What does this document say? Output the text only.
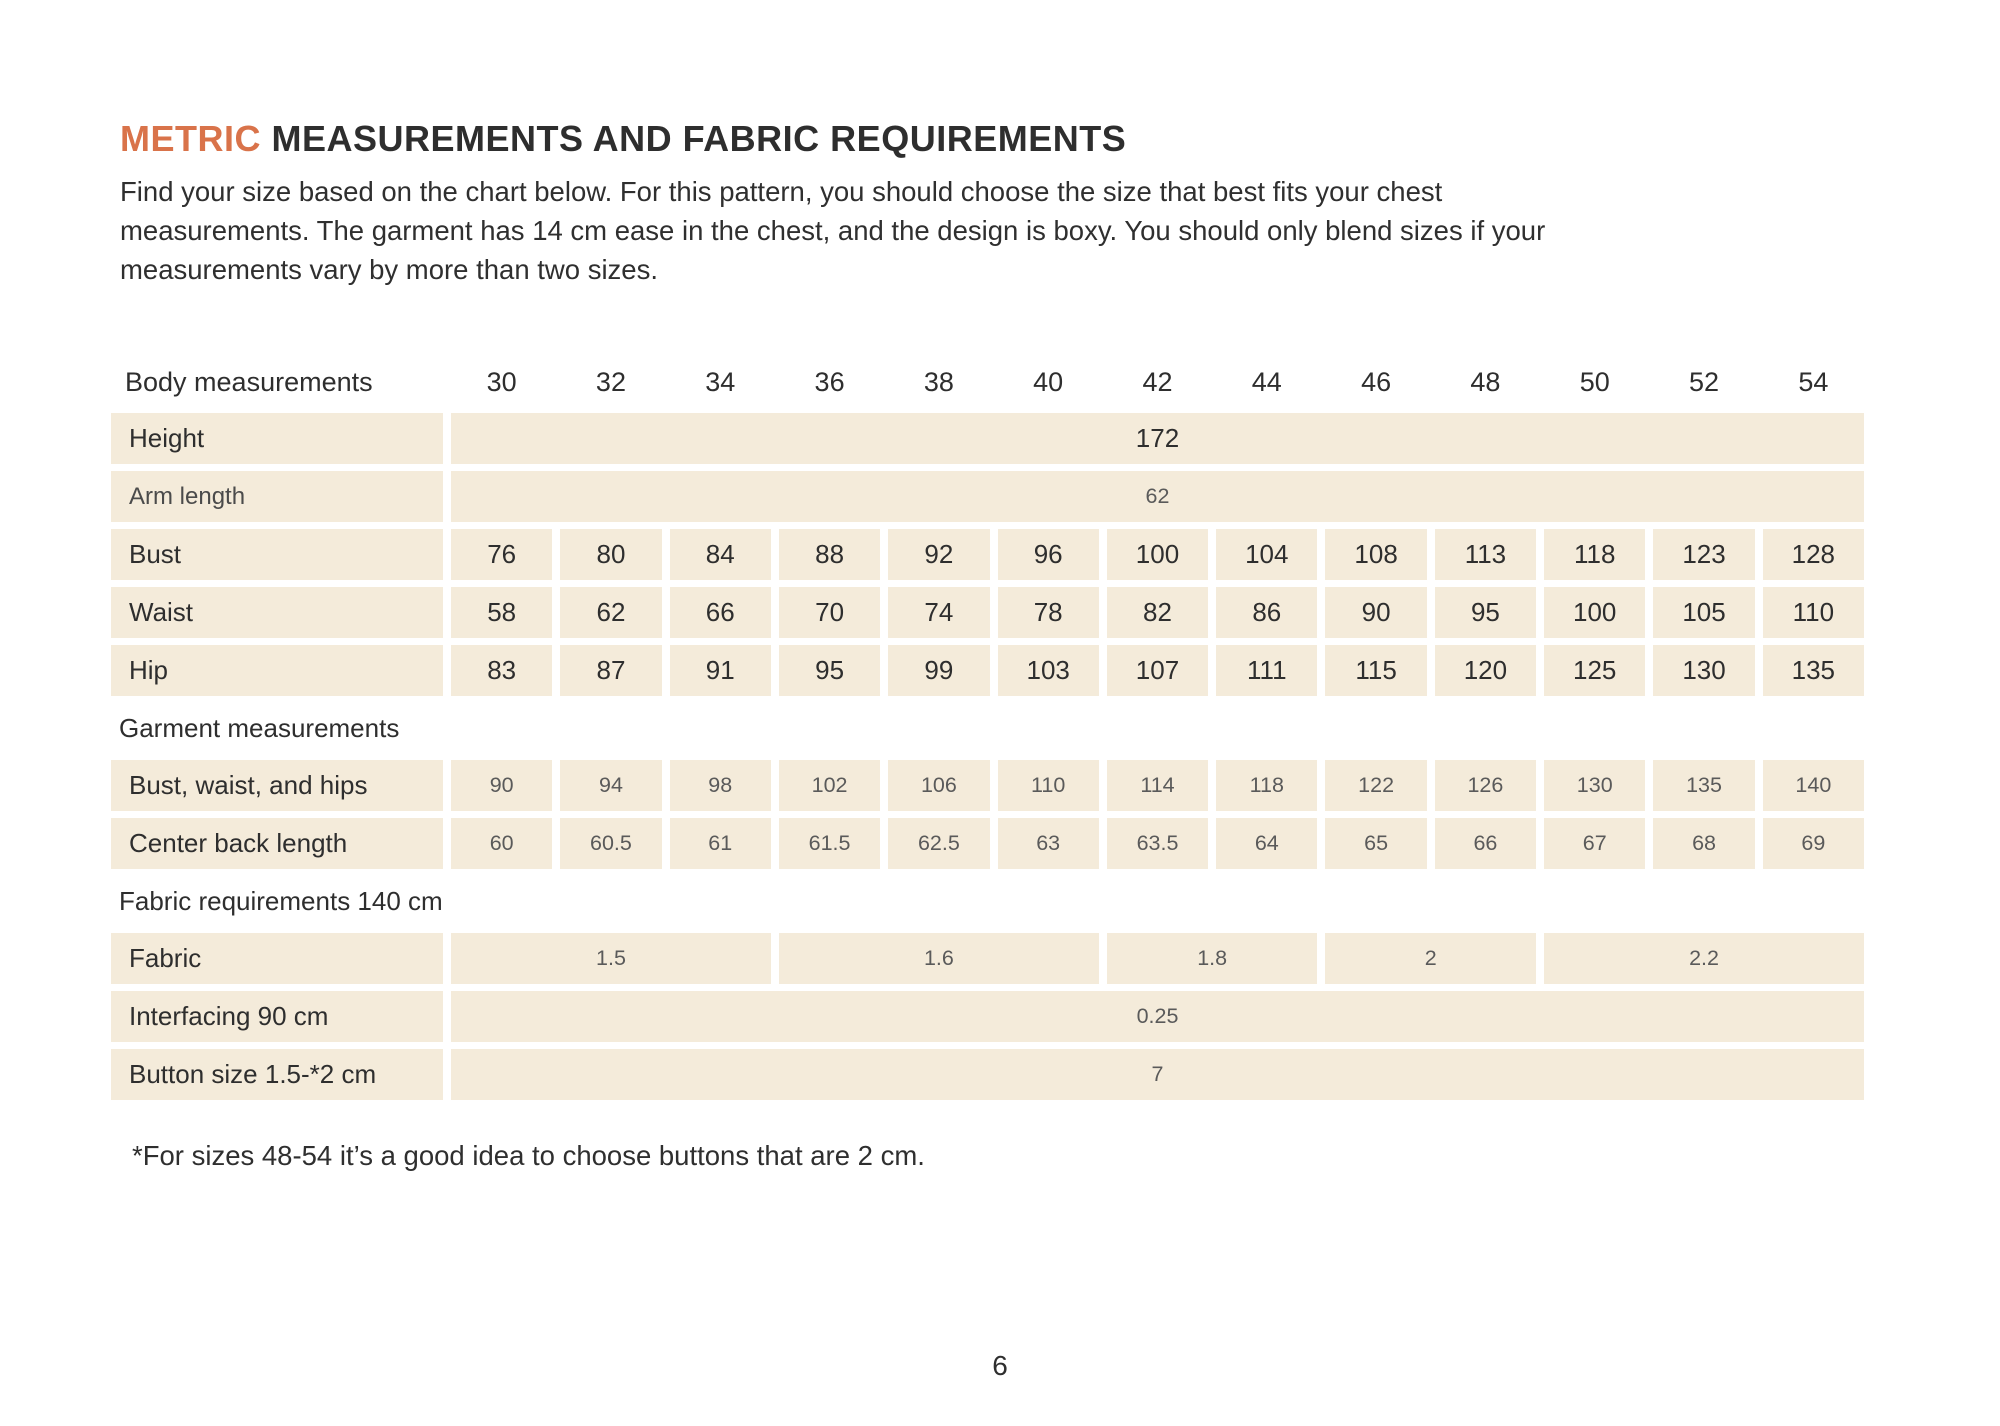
METRIC MEASUREMENTS AND FABRIC REQUIREMENTS
Find your size based on the chart below. For this pattern, you should choose the size that best fits your chest
measurements. The garment has 14 cm ease in the chest, and the design is boxy. You should only blend sizes if your
measurements vary by more than two sizes.
Body measurements	30	32	34	36	38	40	42	44	46	48	50	52	54
Height	172
Arm length	62
Bust	76	80	84	88	92	96	100	104	108	113	118	123	128
Waist	58	62	66	70	74	78	82	86	90	95	100	105	110
Hip	83	87	91	95	99	103	107	111	115	120	125	130	135
Garment measurements
Bust, waist, and hips	90	94	98	102	106	110	114	118	122	126	130	135	140
Center back length	60	60.5	61	61.5	62.5	63	63.5	64	65	66	67	68	69
Fabric requirements 140 cm
Fabric	1.5	1.6	1.8	2	2.2
Interfacing 90 cm	0.25
Button size 1.5-*2 cm	7
*For sizes 48-54 it’s a good idea to choose buttons that are 2 cm.
6
